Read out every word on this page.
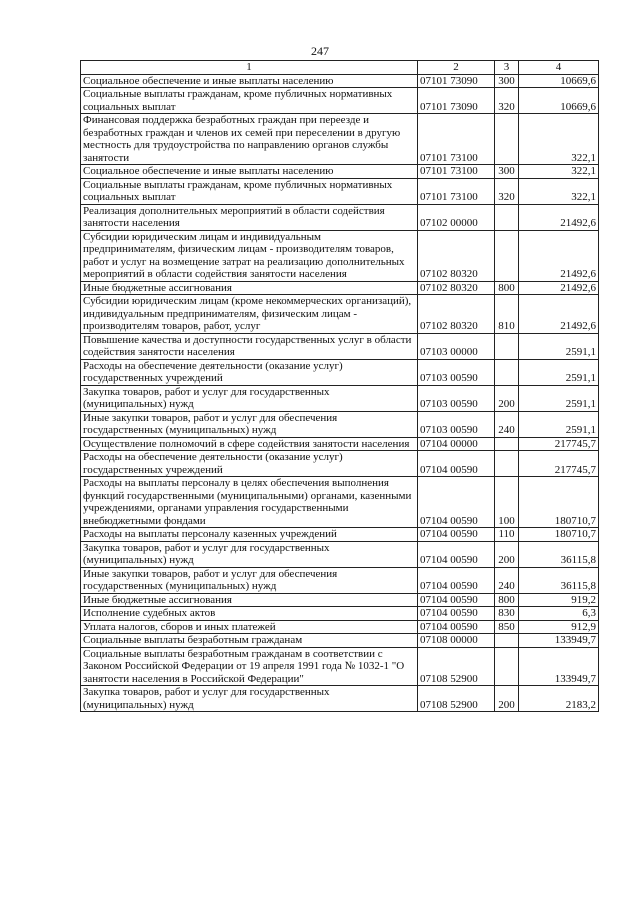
247
1	2	3	4
Социальное обеспечение и иные выплаты населению	07101 73090	300	10669,6
Социальные выплаты гражданам, кроме публичных нормативных социальных выплат	07101 73090	320	10669,6
Финансовая поддержка безработных граждан при переезде и безработных граждан и членов их семей при переселении в другую местность для трудоустройства по направлению органов службы занятости	07101 73100		322,1
Социальное обеспечение и иные выплаты населению	07101 73100	300	322,1
Социальные выплаты гражданам, кроме публичных нормативных социальных выплат	07101 73100	320	322,1
Реализация дополнительных мероприятий в области содействия занятости населения	07102 00000		21492,6
Субсидии юридическим лицам и индивидуальным предпринимателям, физическим лицам - производителям товаров, работ и услуг на возмещение затрат на реализацию дополнительных мероприятий в области содействия занятости населения	07102 80320		21492,6
Иные бюджетные ассигнования	07102 80320	800	21492,6
Субсидии юридическим лицам (кроме некоммерческих организаций), индивидуальным предпринимателям, физическим лицам - производителям товаров, работ, услуг	07102 80320	810	21492,6
Повышение качества и доступности государственных услуг в области содействия занятости населения	07103 00000		2591,1
Расходы на обеспечение деятельности (оказание услуг) государственных учреждений	07103 00590		2591,1
Закупка товаров, работ и услуг для государственных (муниципальных) нужд	07103 00590	200	2591,1
Иные закупки товаров, работ и услуг для обеспечения государственных (муниципальных) нужд	07103 00590	240	2591,1
Осуществление полномочий в сфере содействия занятости населения	07104 00000		217745,7
Расходы на обеспечение деятельности (оказание услуг) государственных учреждений	07104 00590		217745,7
Расходы на выплаты персоналу в целях обеспечения выполнения функций государственными (муниципальными) органами, казенными учреждениями, органами управления государственными внебюджетными фондами	07104 00590	100	180710,7
Расходы на выплаты персоналу казенных учреждений	07104 00590	110	180710,7
Закупка товаров, работ и услуг для государственных (муниципальных) нужд	07104 00590	200	36115,8
Иные закупки товаров, работ и услуг для обеспечения государственных (муниципальных) нужд	07104 00590	240	36115,8
Иные бюджетные ассигнования	07104 00590	800	919,2
Исполнение судебных актов	07104 00590	830	6,3
Уплата налогов, сборов и иных платежей	07104 00590	850	912,9
Социальные выплаты безработным гражданам	07108 00000		133949,7
Социальные выплаты безработным гражданам в соответствии с Законом Российской Федерации от 19 апреля 1991 года № 1032-1 "О занятости населения в Российской Федерации"	07108 52900		133949,7
Закупка товаров, работ и услуг для государственных (муниципальных) нужд	07108 52900	200	2183,2
